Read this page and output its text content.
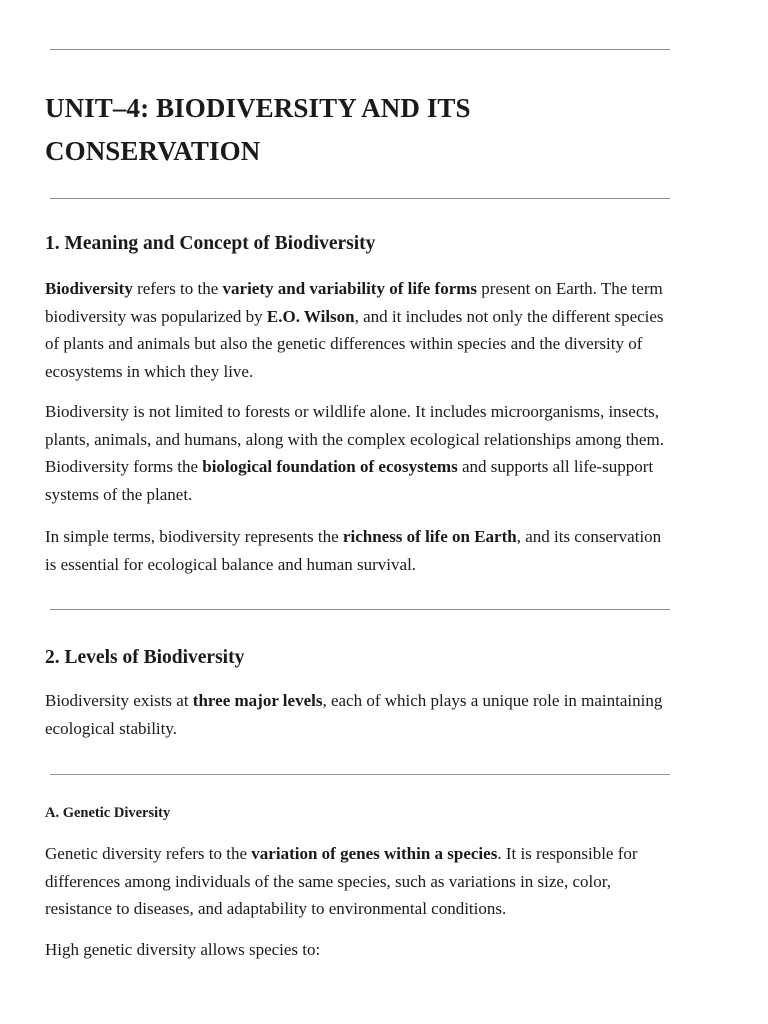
UNIT–4: BIODIVERSITY AND ITS CONSERVATION
1. Meaning and Concept of Biodiversity

Biodiversity refers to the variety and variability of life forms present on Earth. The term biodiversity was popularized by E.O. Wilson, and it includes not only the different species of plants and animals but also the genetic differences within species and the diversity of ecosystems in which they live.

Biodiversity is not limited to forests or wildlife alone. It includes microorganisms, insects, plants, animals, and humans, along with the complex ecological relationships among them. Biodiversity forms the biological foundation of ecosystems and supports all life-support systems of the planet.

In simple terms, biodiversity represents the richness of life on Earth, and its conservation is essential for ecological balance and human survival.

2. Levels of Biodiversity

Biodiversity exists at three major levels, each of which plays a unique role in maintaining ecological stability.

A. Genetic Diversity

Genetic diversity refers to the variation of genes within a species. It is responsible for differences among individuals of the same species, such as variations in size, color, resistance to diseases, and adaptability to environmental conditions.

High genetic diversity allows species to:
